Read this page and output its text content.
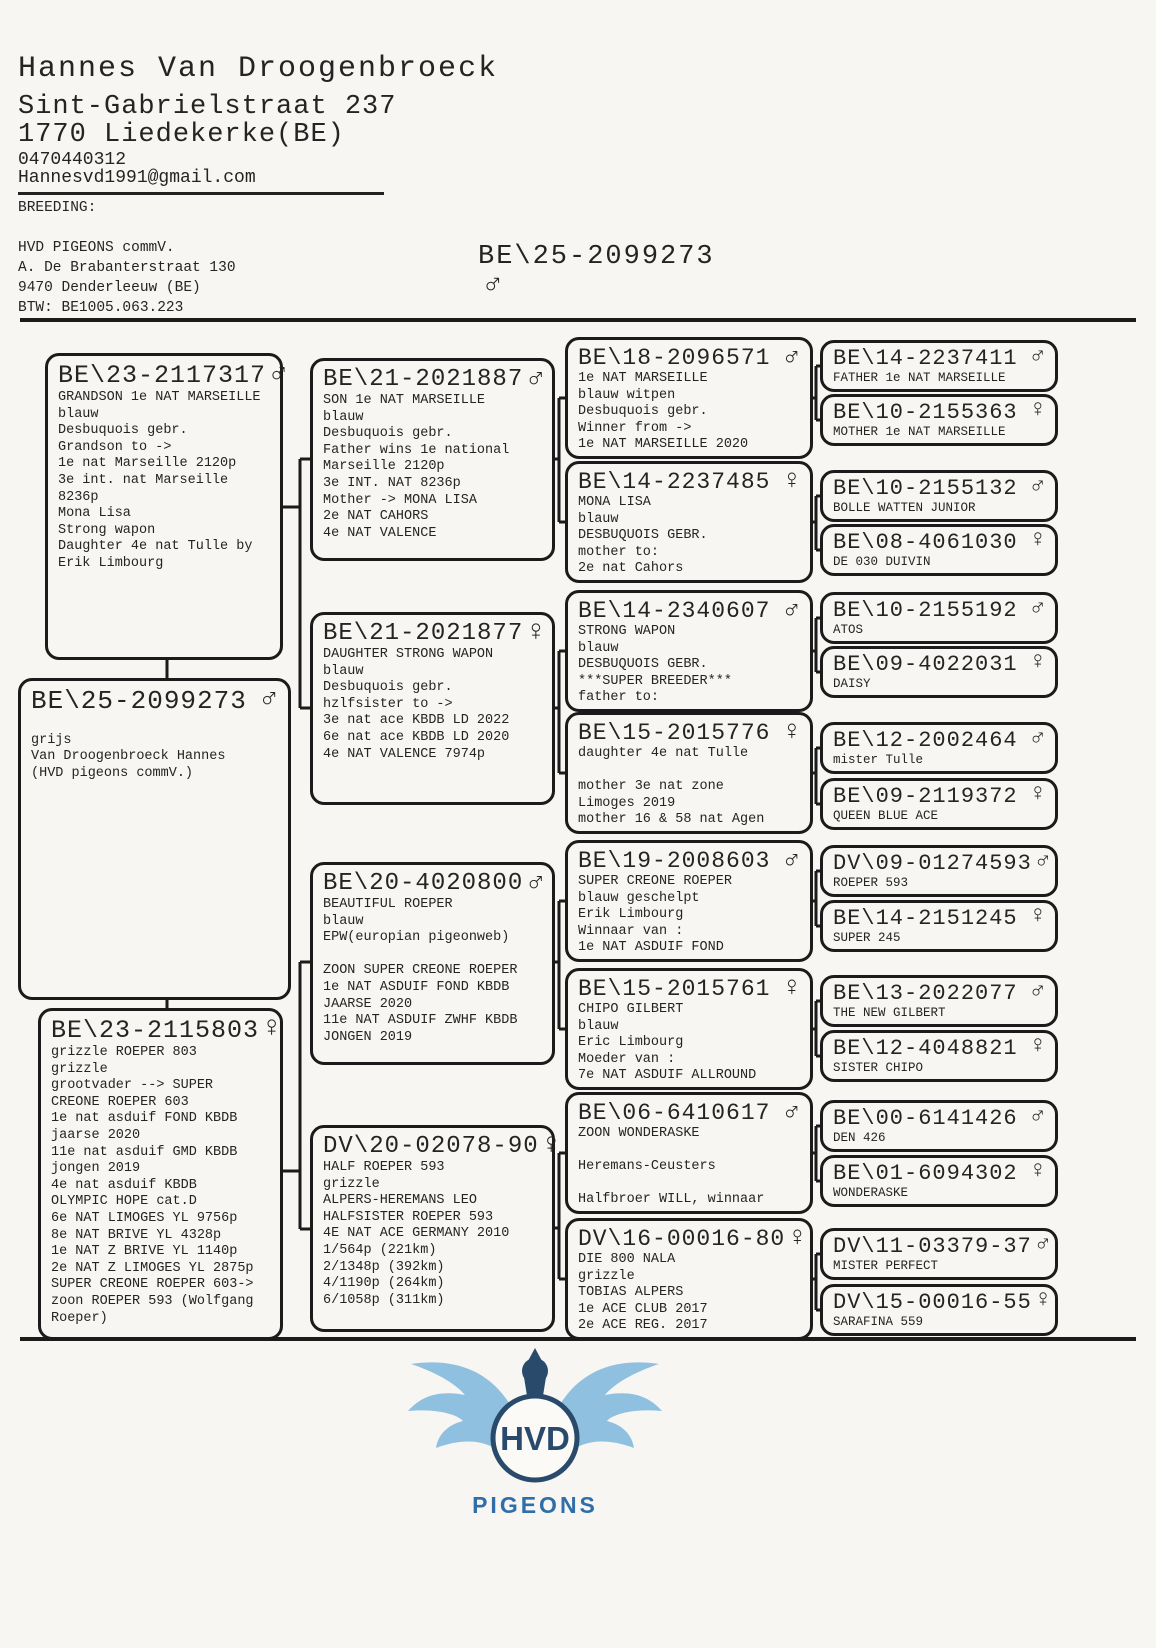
Hannes Van Droogenbroeck
Sint-Gabrielstraat 237
1770 Liedekerke(BE)
0470440312
Hannesvd1991@gmail.com
BREEDING:
HVD PIGEONS commV.
A. De Brabanterstraat 130
9470 Denderleeuw (BE)
BTW: BE1005.063.223
BE\25-2099273
♂
BE\23-2117317 ♂
GRANDSON 1e NAT MARSEILLE
blauw
Desbuquois gebr.
Grandson to ->
1e nat Marseille 2120p
3e int. nat Marseille
8236p
Mona Lisa
Strong wapon
Daughter 4e nat Tulle by
Erik Limbourg
BE\25-2099273 ♂

grijs
Van Droogenbroeck Hannes
(HVD pigeons commV.)
BE\23-2115803 ♀
grizzle ROEPER 803
grizzle
grootvader --> SUPER
CREONE ROEPER 603
1e nat asduif FOND KBDB
jaarse 2020
11e nat asduif GMD KBDB
jongen 2019
4e nat asduif KBDB
OLYMPIC HOPE cat.D
6e NAT LIMOGES YL 9756p
8e NAT BRIVE YL 4328p
1e NAT Z BRIVE YL 1140p
2e NAT Z LIMOGES YL 2875p
SUPER CREONE ROEPER 603->
zoon ROEPER 593 (Wolfgang
Roeper)
BE\21-2021887 ♂
SON 1e NAT MARSEILLE
blauw
Desbuquois gebr.
Father wins 1e national
Marseille 2120p
3e INT. NAT 8236p
Mother -> MONA LISA
2e NAT CAHORS
4e NAT VALENCE
BE\21-2021877 ♀
DAUGHTER STRONG WAPON
blauw
Desbuquois gebr.
hzlfsister to ->
3e nat ace KBDB LD 2022
6e nat ace KBDB LD 2020
4e NAT VALENCE 7974p
BE\20-4020800 ♂
BEAUTIFUL ROEPER
blauw
EPW(europian pigeonweb)

ZOON SUPER CREONE ROEPER
1e NAT ASDUIF FOND KBDB
JAARSE 2020
11e NAT ASDUIF ZWHF KBDB
JONGEN 2019
DV\20-02078-90 ♀
HALF ROEPER 593
grizzle
ALPERS-HEREMANS LEO
HALFSISTER ROEPER 593
4E NAT ACE GERMANY 2010
1/564p (221km)
2/1348p (392km)
4/1190p (264km)
6/1058p (311km)
BE\18-2096571 ♂
1e NAT MARSEILLE
blauw witpen
Desbuquois gebr.
Winner from ->
1e NAT MARSEILLE 2020
BE\14-2237485 ♀
MONA LISA
blauw
DESBUQUOIS GEBR.
mother to:
2e nat Cahors
BE\14-2340607 ♂
STRONG WAPON
blauw
DESBUQUOIS GEBR.
***SUPER BREEDER***
father to:
BE\15-2015776 ♀
daughter 4e nat Tulle

mother 3e nat zone
Limoges 2019
mother 16 & 58 nat Agen
BE\19-2008603 ♂
SUPER CREONE ROEPER
blauw geschelpt
Erik Limbourg
Winnaar van :
1e NAT ASDUIF FOND
BE\15-2015761 ♀
CHIPO GILBERT
blauw
Eric Limbourg
Moeder van :
7e NAT ASDUIF ALLROUND
BE\06-6410617 ♂
ZOON WONDERASKE

Heremans-Ceusters

Halfbroer WILL, winnaar
DV\16-00016-80 ♀
DIE 800 NALA
grizzle
TOBIAS ALPERS
1e ACE CLUB 2017
2e ACE REG. 2017
BE\14-2237411 ♂
FATHER 1e NAT MARSEILLE
BE\10-2155363 ♀
MOTHER 1e NAT MARSEILLE
BE\10-2155132 ♂
BOLLE WATTEN JUNIOR
BE\08-4061030 ♀
DE 030 DUIVIN
BE\10-2155192 ♂
ATOS
BE\09-4022031 ♀
DAISY
BE\12-2002464 ♂
mister Tulle
BE\09-2119372 ♀
QUEEN BLUE ACE
DV\09-01274593 ♂
ROEPER 593
BE\14-2151245 ♀
SUPER 245
BE\13-2022077 ♂
THE NEW GILBERT
BE\12-4048821 ♀
SISTER CHIPO
BE\00-6141426 ♂
DEN 426
BE\01-6094302 ♀
WONDERASKE
DV\11-03379-37 ♂
MISTER PERFECT
DV\15-00016-55 ♀
SARAFINA 559
HVD
PIGEONS
